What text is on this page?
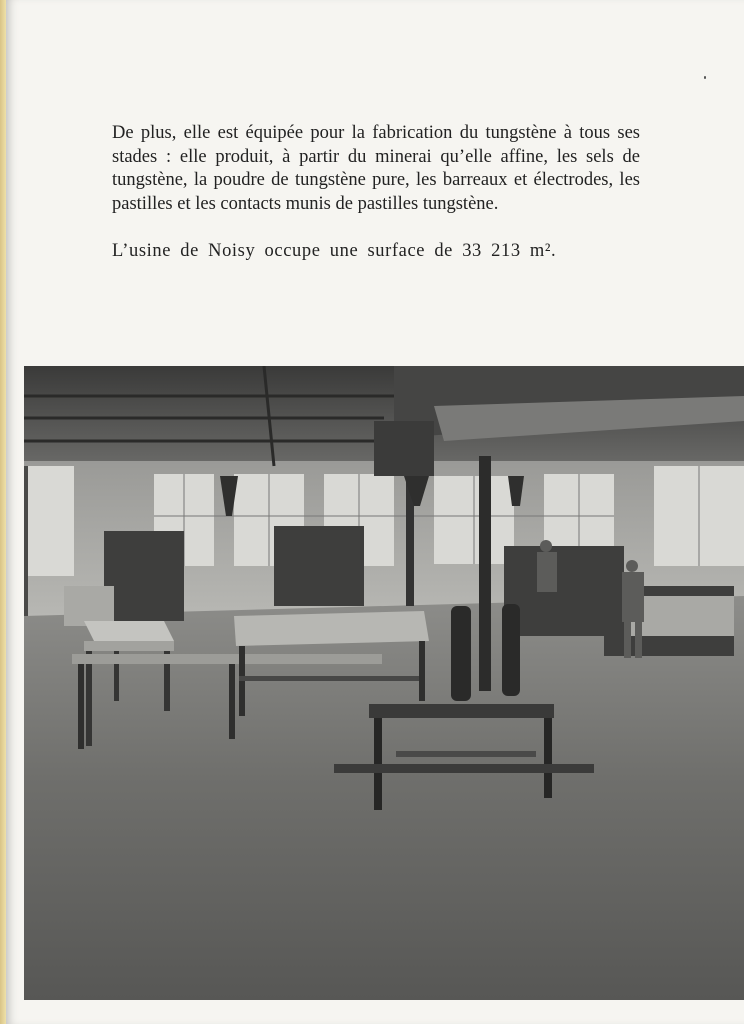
De plus, elle est équipée pour la fabrication du tungstène à tous ses stades : elle produit, à partir du minerai qu’elle affine, les sels de tungstène, la poudre de tungstène pure, les barreaux et électrodes, les pastilles et les contacts munis de pastilles tungstène.

L’usine de Noisy occupe une surface de 33 213 m².
